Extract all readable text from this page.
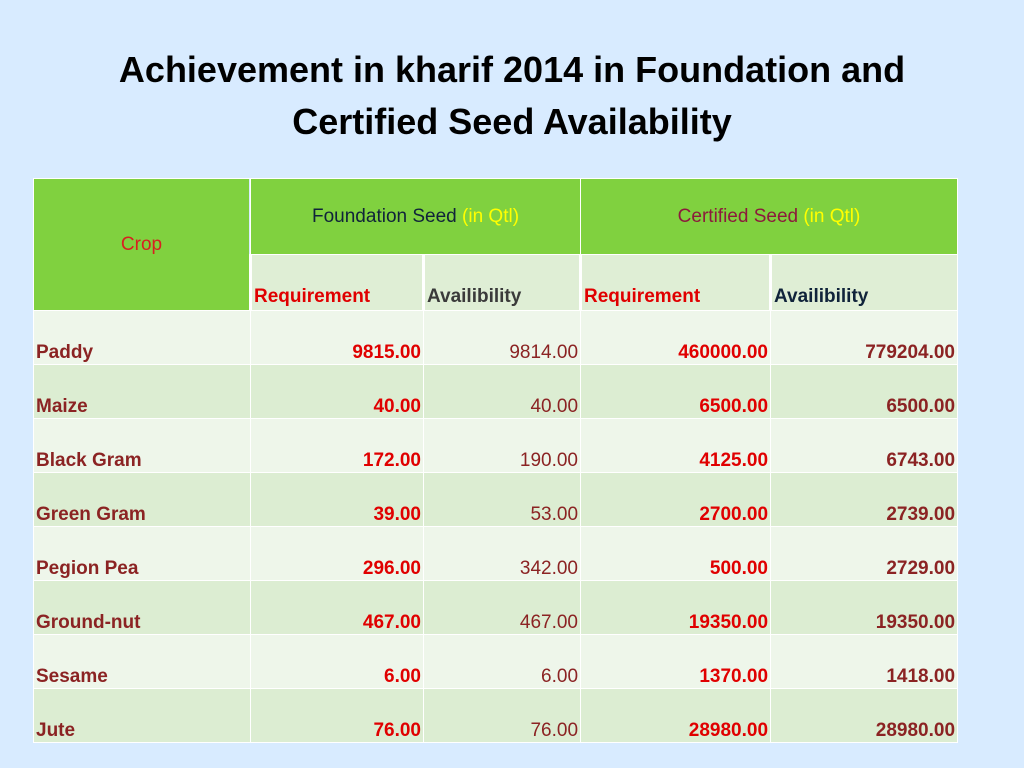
Achievement in kharif 2014 in Foundation and
Certified Seed Availability
Crop	Foundation Seed (in Qtl)		Certified Seed (in Qtl)	
	Requirement	Availibility	Requirement	Availibility
Paddy	9815.00	9814.00	460000.00	779204.00
Maize	40.00	40.00	6500.00	6500.00
Black Gram	172.00	190.00	4125.00	6743.00
Green Gram	39.00	53.00	2700.00	2739.00
Pegion Pea	296.00	342.00	500.00	2729.00
Ground-nut	467.00	467.00	19350.00	19350.00
Sesame	6.00	6.00	1370.00	1418.00
Jute	76.00	76.00	28980.00	28980.00
